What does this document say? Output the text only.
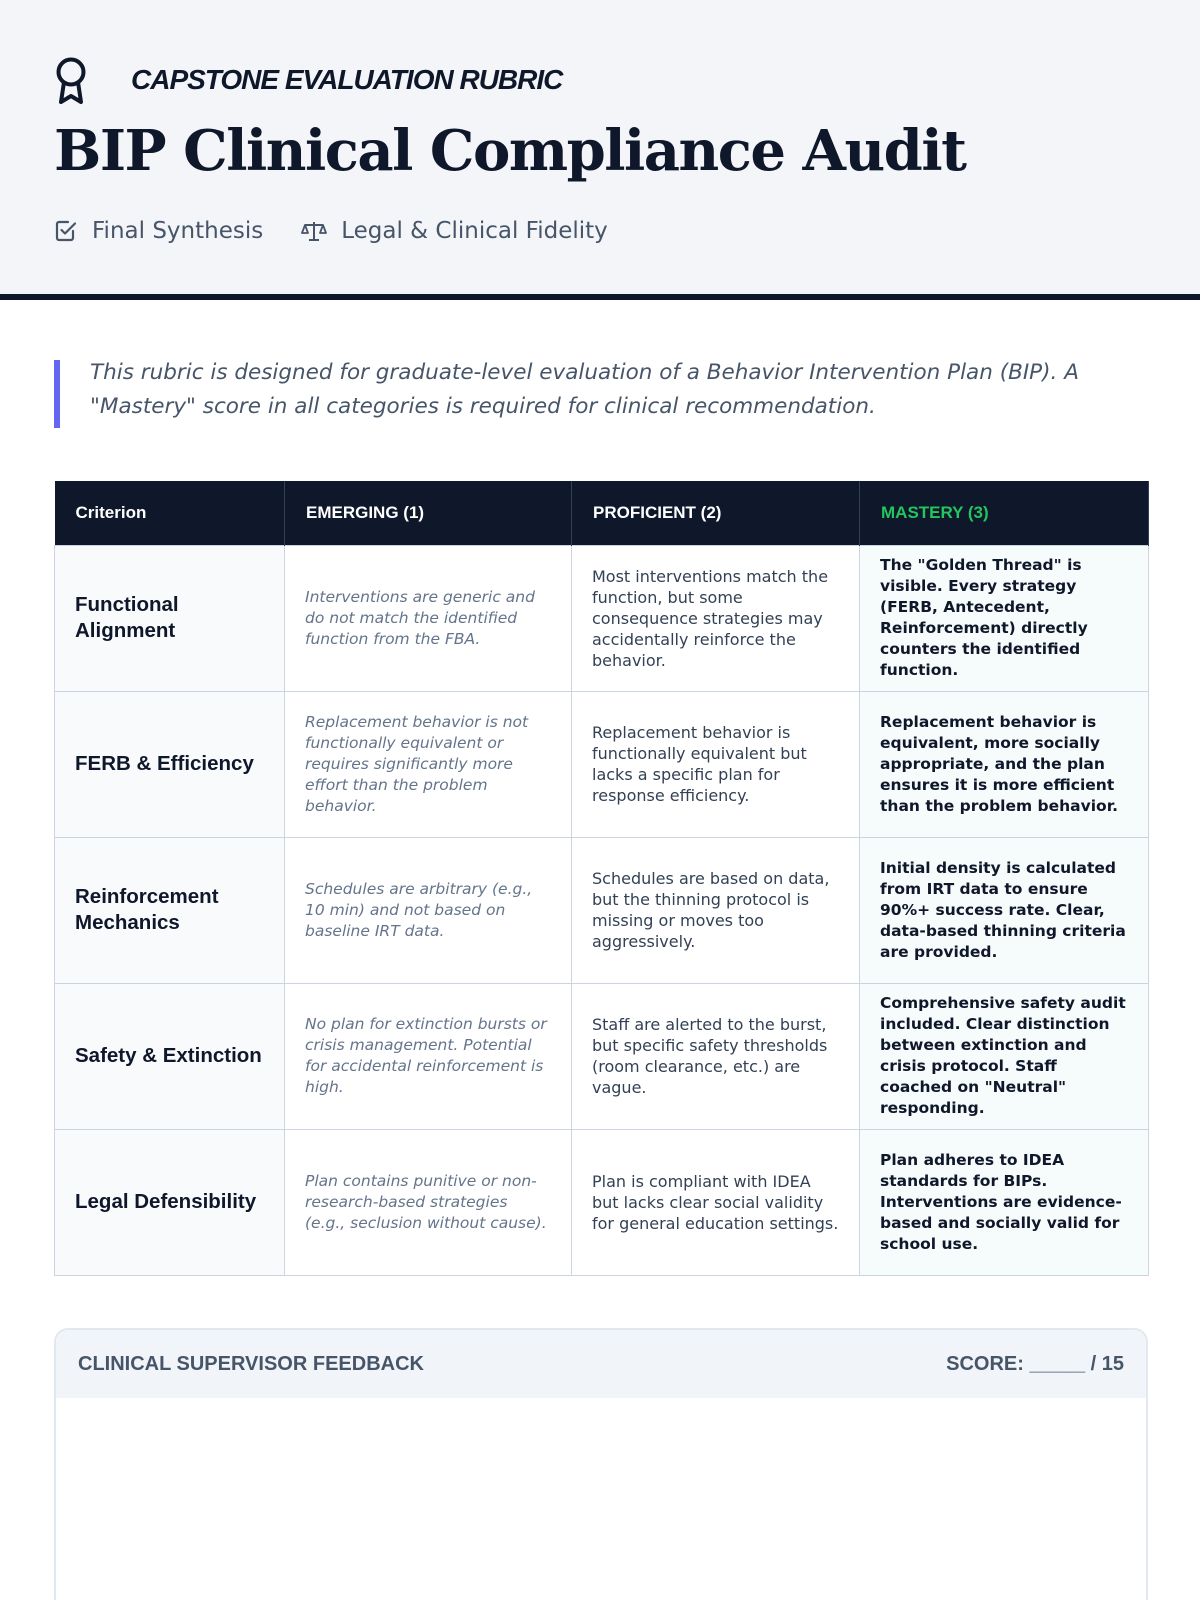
CAPSTONE EVALUATION RUBRIC
BIP Clinical Compliance Audit
Final Synthesis	Legal & Clinical Fidelity

This rubric is designed for graduate-level evaluation of a Behavior Intervention Plan (BIP). A "Mastery" score in all categories is required for clinical recommendation.

Criterion	EMERGING (1)	PROFICIENT (2)	MASTERY (3)
Functional Alignment	Interventions are generic and do not match the identified function from the FBA.	Most interventions match the function, but some consequence strategies may accidentally reinforce the behavior.	The "Golden Thread" is visible. Every strategy (FERB, Antecedent, Reinforcement) directly counters the identified function.
FERB & Efficiency	Replacement behavior is not functionally equivalent or requires significantly more effort than the problem behavior.	Replacement behavior is functionally equivalent but lacks a specific plan for response efficiency.	Replacement behavior is equivalent, more socially appropriate, and the plan ensures it is more efficient than the problem behavior.
Reinforcement Mechanics	Schedules are arbitrary (e.g., 10 min) and not based on baseline IRT data.	Schedules are based on data, but the thinning protocol is missing or moves too aggressively.	Initial density is calculated from IRT data to ensure 90%+ success rate. Clear, data-based thinning criteria are provided.
Safety & Extinction	No plan for extinction bursts or crisis management. Potential for accidental reinforcement is high.	Staff are alerted to the burst, but specific safety thresholds (room clearance, etc.) are vague.	Comprehensive safety audit included. Clear distinction between extinction and crisis protocol. Staff coached on "Neutral" responding.
Legal Defensibility	Plan contains punitive or non-research-based strategies (e.g., seclusion without cause).	Plan is compliant with IDEA but lacks clear social validity for general education settings.	Plan adheres to IDEA standards for BIPs. Interventions are evidence-based and socially valid for school use.
CLINICAL SUPERVISOR FEEDBACK	SCORE: _____ / 15
